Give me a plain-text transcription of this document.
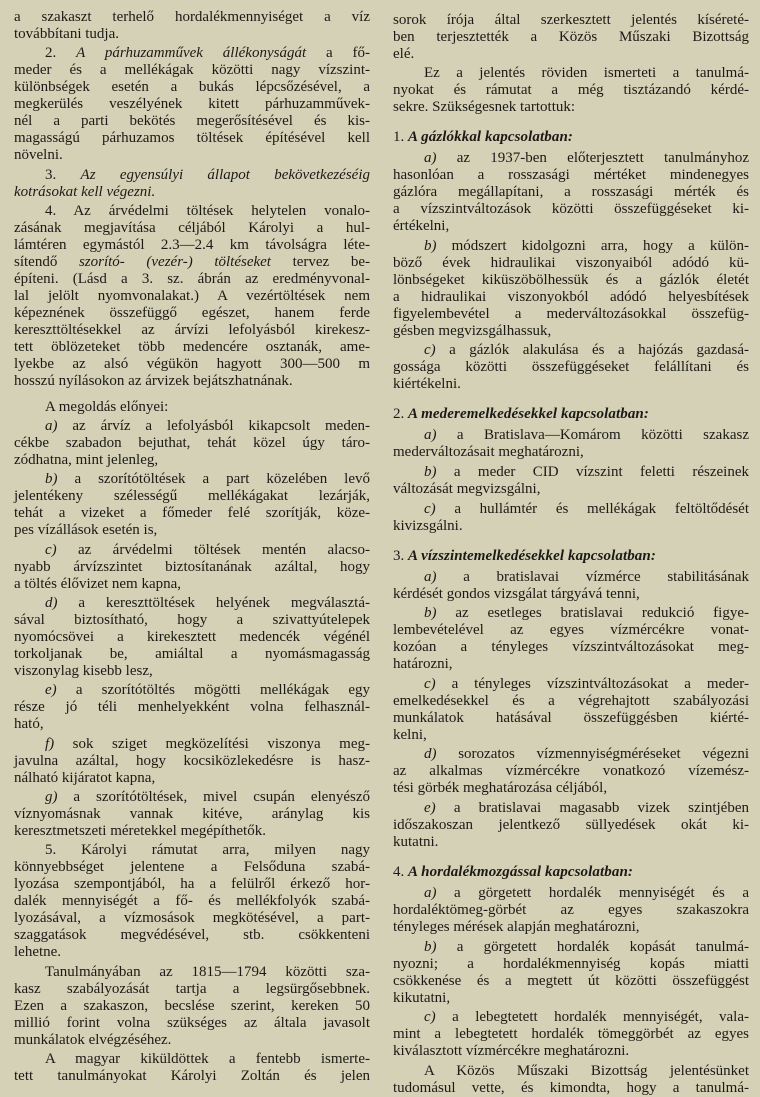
a szakaszt terhelő hordalékmennyiséget a víz
továbbítani tudja.
2. A párhuzamművek állékonyságát a fő-
meder és a mellékágak közötti nagy vízszint-
különbségek esetén a bukás lépcsőzésével, a
megkerülés veszélyének kitett párhuzamművek-
nél a parti bekötés megerősítésével és kis-
magasságú párhuzamos töltések építésével kell
növelni.
3. Az egyensúlyi állapot bekövetkezéséig
kotrásokat kell végezni.
4. Az árvédelmi töltések helytelen vonalo-
zásának megjavítása céljából Károlyi a hul-
lámtéren egymástól 2.3—2.4 km távolságra léte-
sítendő szorító- (vezér-) töltéseket tervez be-
építeni. (Lásd a 3. sz. ábrán az eredményvonal-
lal jelölt nyomvonalakat.) A vezértöltések nem
képeznének összefüggő egészet, hanem ferde
kereszttöltésekkel az árvízi lefolyásból kirekesz-
tett öblözeteket több medencére osztanák, ame-
lyekbe az alsó végükön hagyott 300—500 m
hosszú nyílásokon az árvizek bejátszhatnának.
A megoldás előnyei:
a) az árvíz a lefolyásból kikapcsolt meden-
cékbe szabadon bejuthat, tehát közel úgy táro-
zódhatna, mint jelenleg,
b) a szorítótöltések a part közelében levő
jelentékeny szélességű mellékágakat lezárják,
tehát a vizeket a főmeder felé szorítják, köze-
pes vízállások esetén is,
c) az árvédelmi töltések mentén alacso-
nyabb árvízszintet biztosítanának azáltal, hogy
a töltés élővizet nem kapna,
d) a kereszttöltések helyének megválasztá-
sával biztosítható, hogy a szivattyútelepek
nyomócsövei a kirekesztett medencék végénél
torkoljanak be, amiáltal a nyomásmagasság
viszonylag kisebb lesz,
e) a szorítótöltés mögötti mellékágak egy
része jó téli menhelyekként volna felhasznál-
ható,
f) sok sziget megközelítési viszonya meg-
javulna azáltal, hogy kocsiközlekedésre is hasz-
nálható kijáratot kapna,
g) a szorítótöltések, mivel csupán elenyésző
víznyomásnak vannak kitéve, aránylag kis
keresztmetszeti méretekkel megépíthetők.
5. Károlyi rámutat arra, milyen nagy
könnyebbséget jelentene a Felsőduna szabá-
lyozása szempontjából, ha a felülről érkező hor-
dalék mennyiségét a fő- és mellékfolyók szabá-
lyozásával, a vízmosások megkötésével, a part-
szaggatások megvédésével, stb. csökkenteni
lehetne.
Tanulmányában az 1815—1794 közötti sza-
kasz szabályozását tartja a legsürgősebbnek.
Ezen a szakaszon, becslése szerint, kereken 50
millió forint volna szükséges az általa javasolt
munkálatok elvégzéséhez.
A magyar kiküldöttek a fentebb ismerte-
tett tanulmányokat Károlyi Zoltán és jelen
sorok írója által szerkesztett jelentés kíséreté-
ben terjesztették a Közös Műszaki Bizottság
elé.
Ez a jelentés röviden ismerteti a tanulmá-
nyokat és rámutat a még tisztázandó kérdé-
sekre. Szükségesnek tartottuk:
1. A gázlókkal kapcsolatban:
a) az 1937-ben előterjesztett tanulmányhoz
hasonlóan a rosszasági mértéket mindenegyes
gázlóra megállapítani, a rosszasági mérték és
a vízszintváltozások közötti összefüggéseket ki-
értékelni,
b) módszert kidolgozni arra, hogy a külön-
böző évek hidraulikai viszonyaiból adódó kü-
lönbségeket kiküszöbölhessük és a gázlók életét
a hidraulikai viszonyokból adódó helyesbítések
figyelembevétel a mederváltozásokkal összefüg-
gésben megvizsgálhassuk,
c) a gázlók alakulása és a hajózás gazdasá-
gossága közötti összefüggéseket felállítani és
kiértékelni.
2. A mederemelkedésekkel kapcsolatban:
a) a Bratislava—Komárom közötti szakasz
mederváltozásait meghatározni,
b) a meder CID vízszint feletti részeinek
változását megvizsgálni,
c) a hullámtér és mellékágak feltöltődését
kivizsgálni.
3. A vízszintemelkedésekkel kapcsolatban:
a) a bratislavai vízmérce stabilitásának
kérdését gondos vizsgálat tárgyává tenni,
b) az esetleges bratislavai redukció figye-
lembevételével az egyes vízmércékre vonat-
kozóan a tényleges vízszintváltozásokat meg-
határozni,
c) a tényleges vízszintváltozásokat a meder-
emelkedésekkel és a végrehajtott szabályozási
munkálatok hatásával összefüggésben kiérté-
kelni,
d) sorozatos vízmennyiségméréseket végezni
az alkalmas vízmércékre vonatkozó vízemész-
tési görbék meghatározása céljából,
e) a bratislavai magasabb vizek szintjében
időszakoszan jelentkező süllyedések okát ki-
kutatni.
4. A hordalékmozgással kapcsolatban:
a) a görgetett hordalék mennyiségét és a
hordaléktömeg-görbét az egyes szakaszokra
tényleges mérések alapján meghatározni,
b) a görgetett hordalék kopását tanulmá-
nyozni; a hordalékmennyiség kopás miatti
csökkenése és a megtett út közötti összefüggést
kikutatni,
c) a lebegtetett hordalék mennyiségét, vala-
mint a lebegtetett hordalék tömeggörbét az egyes
kiválasztott vízmércékre meghatározni.
A Közös Műszaki Bizottság jelentésünket
tudomásul vette, és kimondta, hogy a tanulmá-
